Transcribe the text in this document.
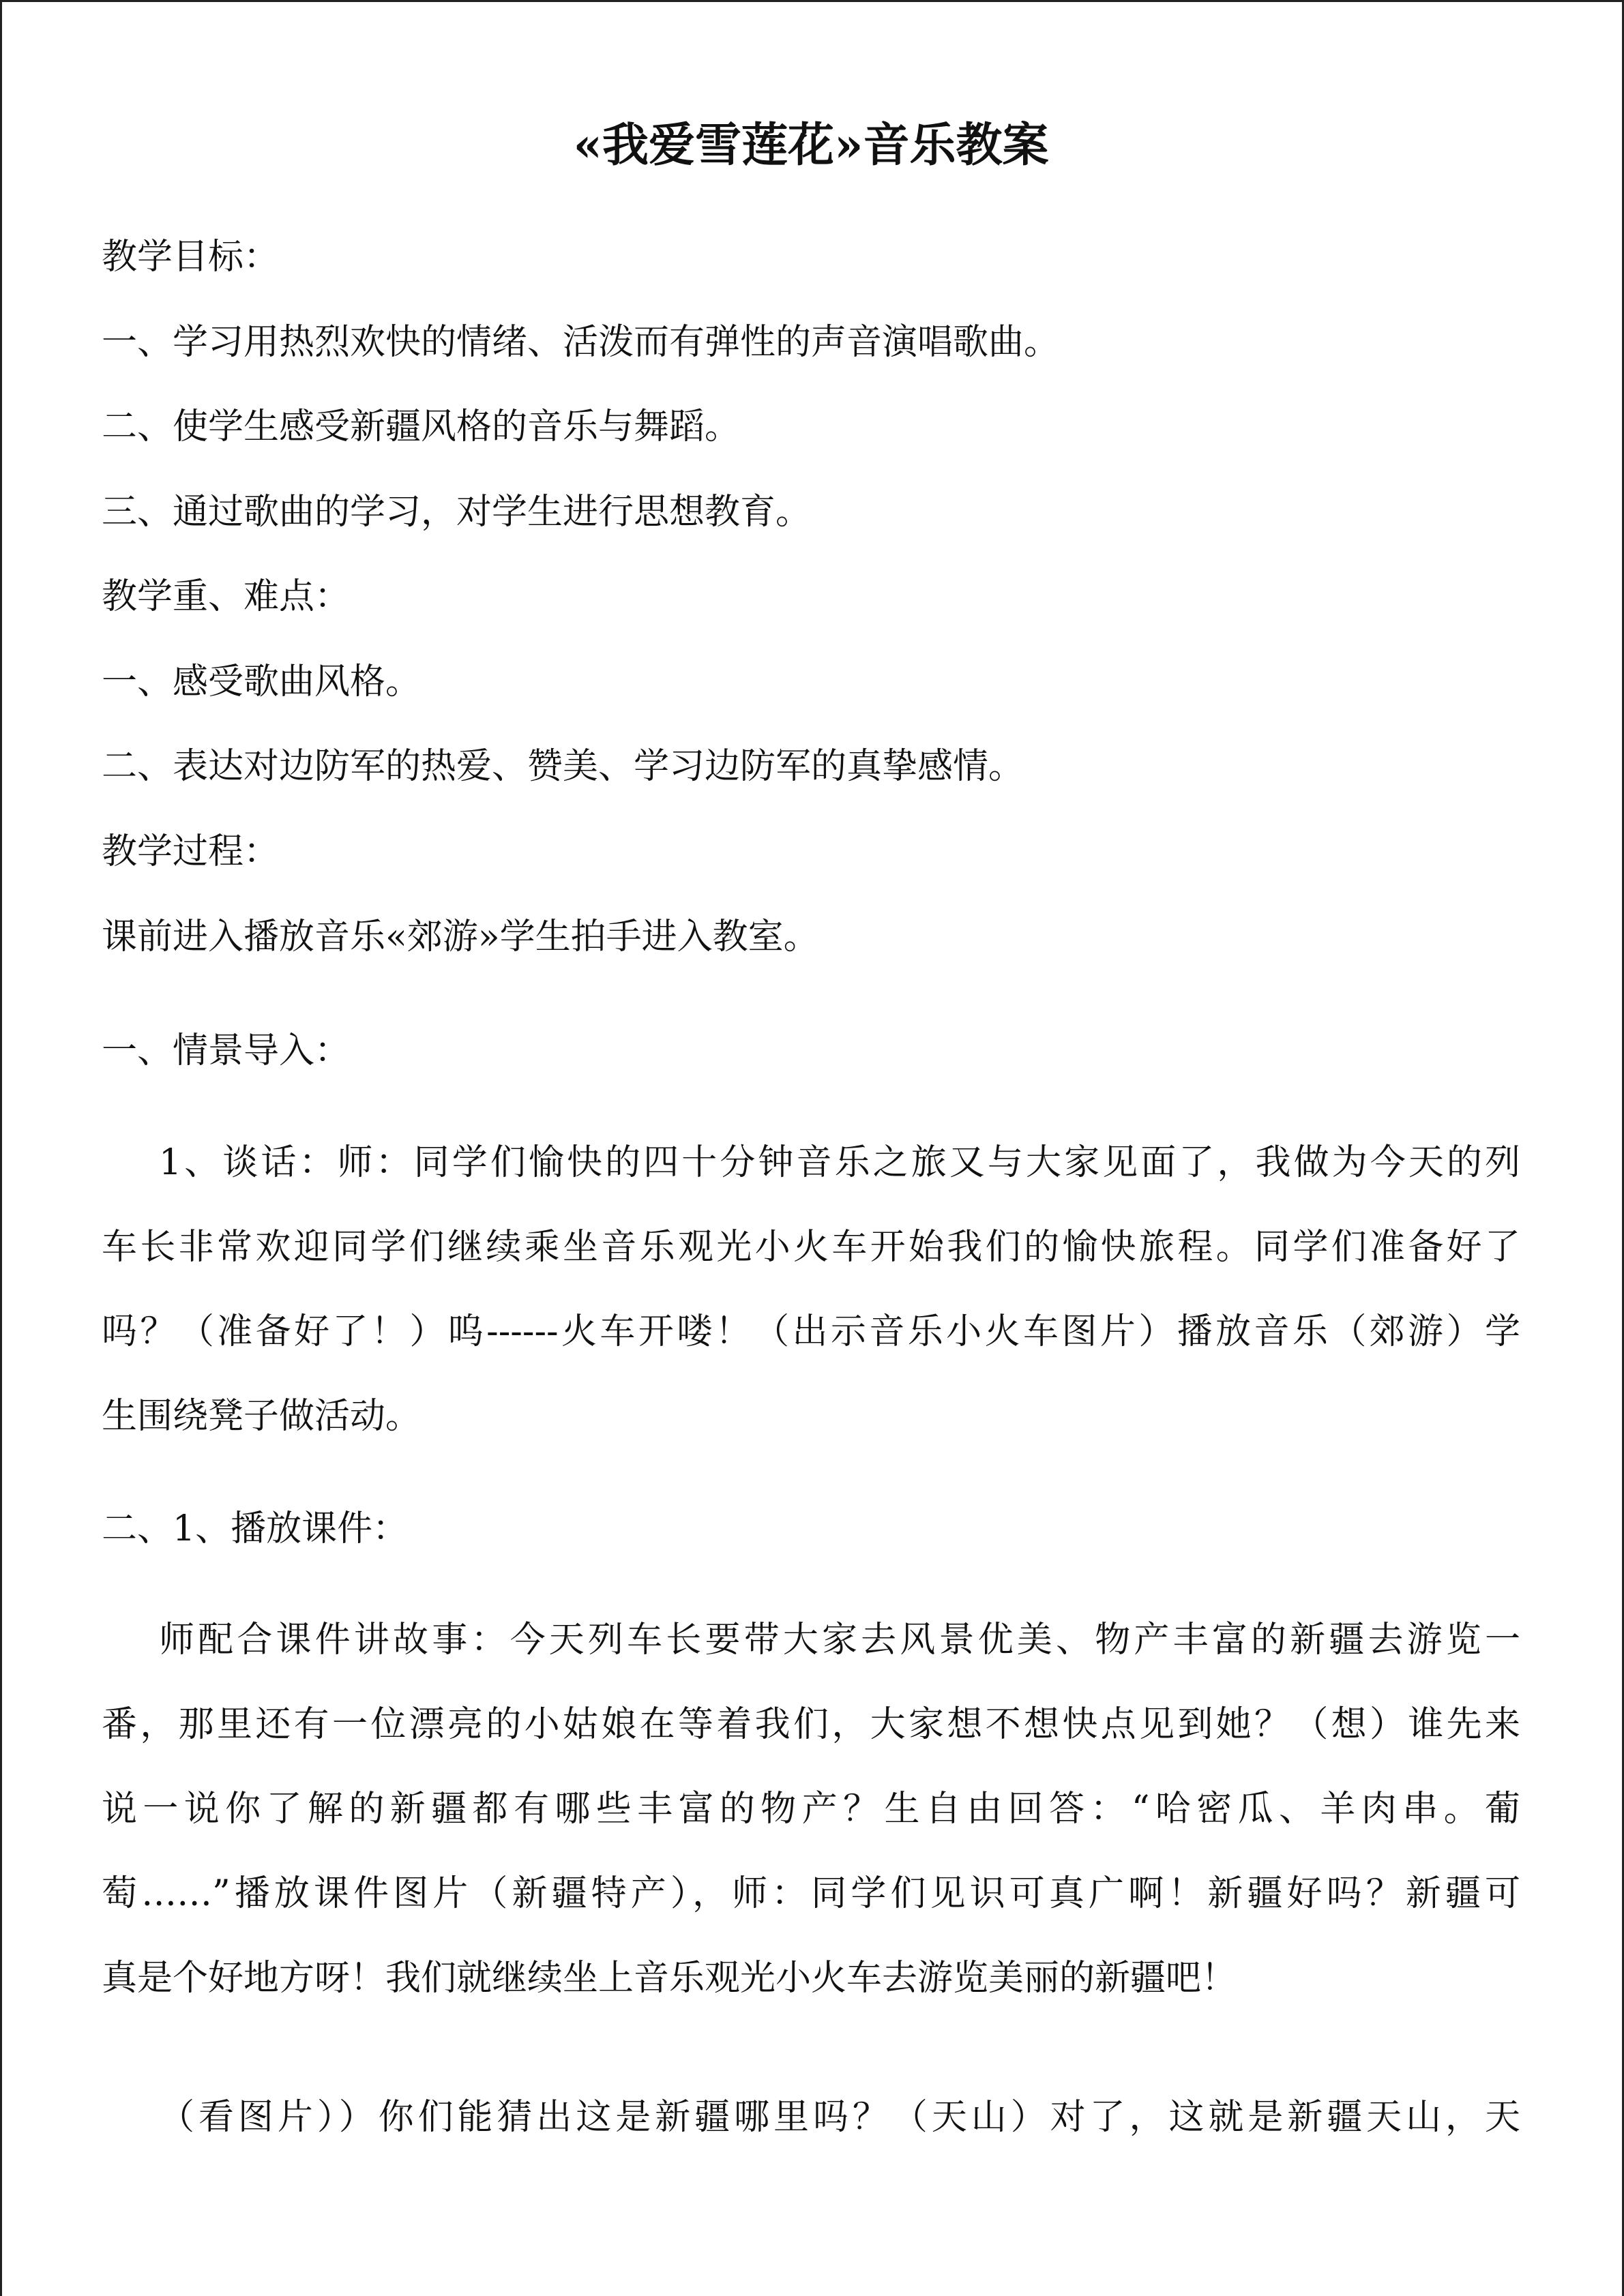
«我爱雪莲花»音乐教案

教学目标：

一、学习用热烈欢快的情绪、活泼而有弹性的声音演唱歌曲。

二、使学生感受新疆风格的音乐与舞蹈。

三、通过歌曲的学习，对学生进行思想教育。

教学重、难点：

一、感受歌曲风格。

二、表达对边防军的热爱、赞美、学习边防军的真挚感情。

教学过程：

课前进入播放音乐«郊游»学生拍手进入教室。

一、情景导入：

1、谈话：师：同学们愉快的四十分钟音乐之旅又与大家见面了，我做为今天的列
车长非常欢迎同学们继续乘坐音乐观光小火车开始我们的愉快旅程。同学们准备好了
吗？（准备好了！）呜------火车开喽！（出示音乐小火车图片）播放音乐（郊游）学
生围绕凳子做活动。

二、1、播放课件：

师配合课件讲故事：今天列车长要带大家去风景优美、物产丰富的新疆去游览一
番，那里还有一位漂亮的小姑娘在等着我们，大家想不想快点见到她？（想）谁先来
说一说你了解的新疆都有哪些丰富的物产？生自由回答：“哈密瓜、羊肉串。葡
萄……”播放课件图片（新疆特产），师：同学们见识可真广啊！新疆好吗？新疆可
真是个好地方呀！我们就继续坐上音乐观光小火车去游览美丽的新疆吧！
（看图片））你们能猜出这是新疆哪里吗？（天山）对了，这就是新疆天山，天
